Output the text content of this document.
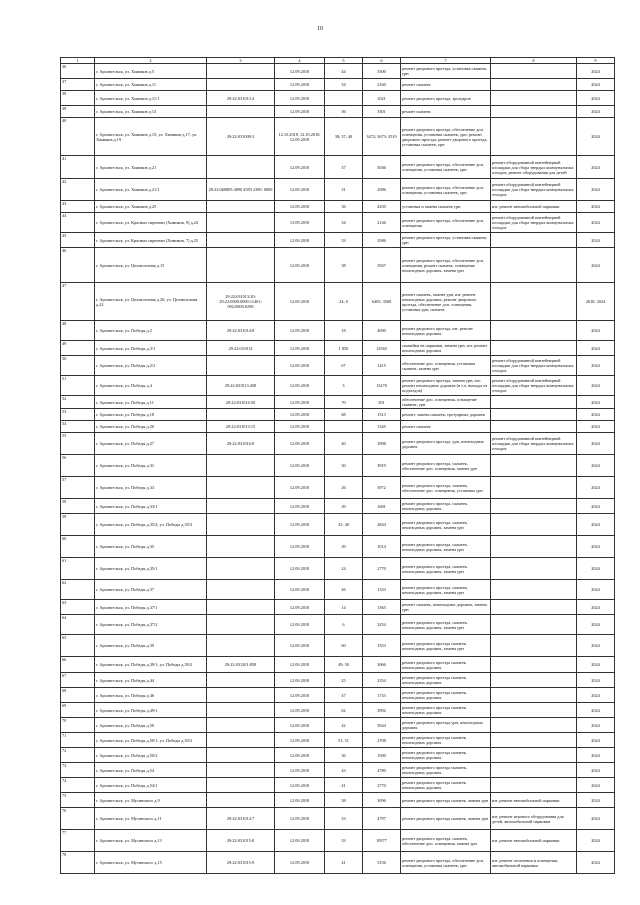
10
1	2	3	4	5	6	7	8	9
36	г. Архангельск, ул. Химиков д.5		12.09.2018	44	3300	ремонт дворового проезда, установка скамеек, урн		2024
37	г. Архангельск, ул. Химиков д.11		12.09.2018	34	2160	ремонт скамеек		2024
38	г. Архангельск, ул. Химиков д.11/1	29:22:031013:4	12.09.2018		1021	ремонт дворового проезда, тротуаров		2024
39	г. Архангельск, ул. Химиков д.13		12.09.2018	36	3301	ремонт скамеек		2024
40	г. Архангельск, ул. Химиков д.15; ул. Химиков д.17; ул. Химиков д.19	29:22:031008:3	12.10.2018, 12.10.2018, 12.09.2018	38; 37; 40	3472; 3673; 3519	ремонт дворового проезда, обеспечение доп. освещения, установка скамеек, урн; ремонт дворового проезда; ремонт дворового проезда, установка скамеек, урн		2024
41	г. Архангельск, ул. Химиков д.21		12.09.2018	37	3046	ремонт дворового проезда, обеспечение доп. освещения, установка скамеек, урн	ремонт оборудованной контейнерной площадки для сбора твердых коммунальных отходов, ремонт оборудования для детей	2024
42	г. Архангельск, ул. Химиков д.21/1	29:22:060805:4890 4593 2390: 0000	12.09.2018	31	2986	ремонт дворового проезда, обеспечение доп. освещения, установка скамеек, урн	ремонт оборудованной контейнерной площадки для сбора твердых коммунальных отходов	2024
43	г. Архангельск, ул. Химиков д.25		12.09.2018	36	4250	установка и замена скамеек урн	изг. ремонт автомобильной парковки	2024
44	г. Архангельск, ул. Красных партизан (Химиков, 9) д.24		13.09.2018	34	2146	ремонт дворового проезда, обеспечение доп. освещения	ремонт оборудованной контейнерной площадки для сбора твердых коммунальных отходов	2024
45	г. Архангельск, ул. Красных партизан (Химиков, 7) д.25		12.09.2018	33	3586	ремонт дворового проезда, установка скамеек, урн		2024
46	г. Архангельск, ул. Целлюлозная д.15		12.09.2018	38	3947	ремонт дворового проезда, обеспечение доп. освещения, ремонт скамеек, оснащение пешеходных дорожек, замена урн		2024
47	г. Архангельск, ул. Целлюлозная д.20; ул. Целлюлозная д.22	29:22:031013:20; 29:22:0000:0000:11401; 002:0000:0290	12.09.2018	24; 0	6405; 3568	ремонт скамеек, замена урн, изг. ремонт пешеходных дорожек; ремонт дворового проезда, обеспечение доп. освещения, установка урн, скамеек		2018, 2024
48	г. Архангельск, ул. Победы д.2	29:22:031014:8	12.09.2018	18	4690	ремонт дворового проезда, изг. ремонт пешеходных дорожек		2024
49	г. Архангельск, ул. Победы д.3/1	29:22:031014	12.09.2018	1 850	12565	скамейки на парковки, замена урн, изг. ремонт пешеходных дорожек		2024
50	г. Архангельск, ул. Победы д.2/2		12.09.2018	67	1415	обеспечение доп. освещения, установка скамеек, замена урн	ремонт оборудованной контейнерной площадки для сбора твердых коммунальных отходов	2024
51	г. Архангельск, ул. Победы д.4	29:22:031013:458	12.09.2018	3	13470	ремонт дворового проезда, замена урн, изг. ремонт пешеходных дорожек (в т.ч. выходы из подъездов)	ремонт оборудованной контейнерной площадки для сбора твердых коммунальных отходов	2024
52	г. Архангельск, ул. Победы д.11	29:22:031014:50	12.09.2018	70	391	обеспечение доп. освещения, оснащение скамеек, урн		2024
53	г. Архангельск, ул. Победы д.18		12.09.2018	68	1313	ремонт, замена скамеек, тротуарных дорожек		2024
54	г. Архангельск, ул. Победы д.26	29:22:031013:15	12.09.2018		1345	ремонт скамеек		2024
55	г. Архангельск, ул. Победы д.27	29:22:031016:8	12.09.2018	40	3998	ремонт дворового проезда, урн, пешеходных дорожек	ремонт оборудованной контейнерной площадки для сбора твердых коммунальных отходов	2024
56	г. Архангельск, ул. Победы д.31		12.09.2018	30	3919	ремонт дворового проезда, скамеек, обеспечение доп. освещения, замена урн		2024
57	г. Архангельск, ул. Победы д.33		12.09.2018	26	3972	ремонт дворового проезда, скамеек, обеспечение доп. освещения, установка урн		2024
58	г. Архангельск, ул. Победы д.33/1		12.09.2018	39	1681	ремонт дворового проезда, скамеек, пешеходных дорожек		2024
59	г. Архангельск, ул. Победы д.35/2; ул. Победы д.35/3		12.09.2018	41; 40	2844	ремонт дворового проезда, скамеек, пешеходных дорожек, замена урн		2024
60	г. Архангельск, ул. Победы д.35		12.09.2018	39	1014	ремонт дворового проезда, скамеек, пешеходных дорожек, замена урн		2024
61	г. Архангельск, ул. Победы д.35/1		12.09.2018	24	2770	ремонт дворового проезда, скамеек, пешеходных дорожек, замена урн		2024
62	г. Архангельск, ул. Победы д.37		12.09.2018	26	1333	ремонт дворового проезда, скамеек, пешеходных дорожек, замена урн		2024
63	г. Архангельск, ул. Победы д.37/1		12.09.2018	14	1365	ремонт скамеек, пешеходных дорожек, замена урн		2024
64	г. Архангельск, ул. Победы д.37/2		12.09.2018	6	3254	ремонт дворового проезда, скамеек, пешеходных дорожек, замена урн		2024
65	г. Архангельск, ул. Победы д.39		12.09.2018	60	1553	ремонт дворового проезда скамеек, пешеходных дорожек, замена урн		2024
66	г. Архангельск, ул. Победы д.39/1; ул. Победы д.39/2	29:22:031201:858	12.09.2018	49; 50	3066	ремонт дворового проезда скамеек, пешеходных дорожек		2024
67	г. Архангельск, ул. Победы д.44		12.09.2018	25	2354	ремонт дворового проезда скамеек, пешеходных дорожек		2024
68	г. Архангельск, ул. Победы д.46		12.09.2018	47	1733	ремонт дворового проезда скамеек, пешеходных дорожек		2024
69	г. Архангельск, ул. Победы д.49/1		12.09.2018	62	3992	ремонт дворового проезда скамеек, пешеходных дорожек		2024
70	г. Архангельск, ул. Победы д.50		12.09.2018	42	3944	ремонт дворового проезда урн, пешеходных дорожек		2024
71	г. Архангельск, ул. Победы д.50/1; ул. Победы д.50/2		12.09.2018	51; 51	2708	ремонт дворового проезда скамеек, пешеходных дорожек		2024
72	г. Архангельск, ул. Победы д.50/3		12.09.2018	36	1500	ремонт дворового проезда скамеек, пешеходных дорожек		2024
73	г. Архангельск, ул. Победы д.54		12.09.2018	43	4780	ремонт дворового проезда скамеек, пешеходных дорожек		2024
74	г. Архангельск, ул. Победы д.54/1		12.09.2018	41	2770	ремонт дворового проезда скамеек, пешеходных дорожек		2024
75	г. Архангельск, ул. Мусинского д.9		12.09.2018	38	3096	ремонт дворового проезда скамеек, замена урн	изг. ремонт автомобильной парковки	2024
76	г. Архангельск, ул. Мусинского д.11	29:22:031014:7	12.09.2018	33	4797	ремонт дворового проезда скамеек, замена урн	изг. ремонт игрового оборудования для детей, автомобильной парковки	2024
77	г. Архангельск, ул. Мусинского д.13	29:22:031015:8	12.09.2018	33	10977	ремонт дворового проезда, скамеек, обеспечение доп. освещения, замена урн	изг. ремонт автомобильной парковки	2024
78	г. Архангельск, ул. Мусинского д.15	29:22:031015:9	12.09.2018	41	5156	ремонт дворового проезда, обеспечение доп. освещения, установка скамеек, урн	изг. ремонт отопления и освещения, автомобильной парковки	2024
